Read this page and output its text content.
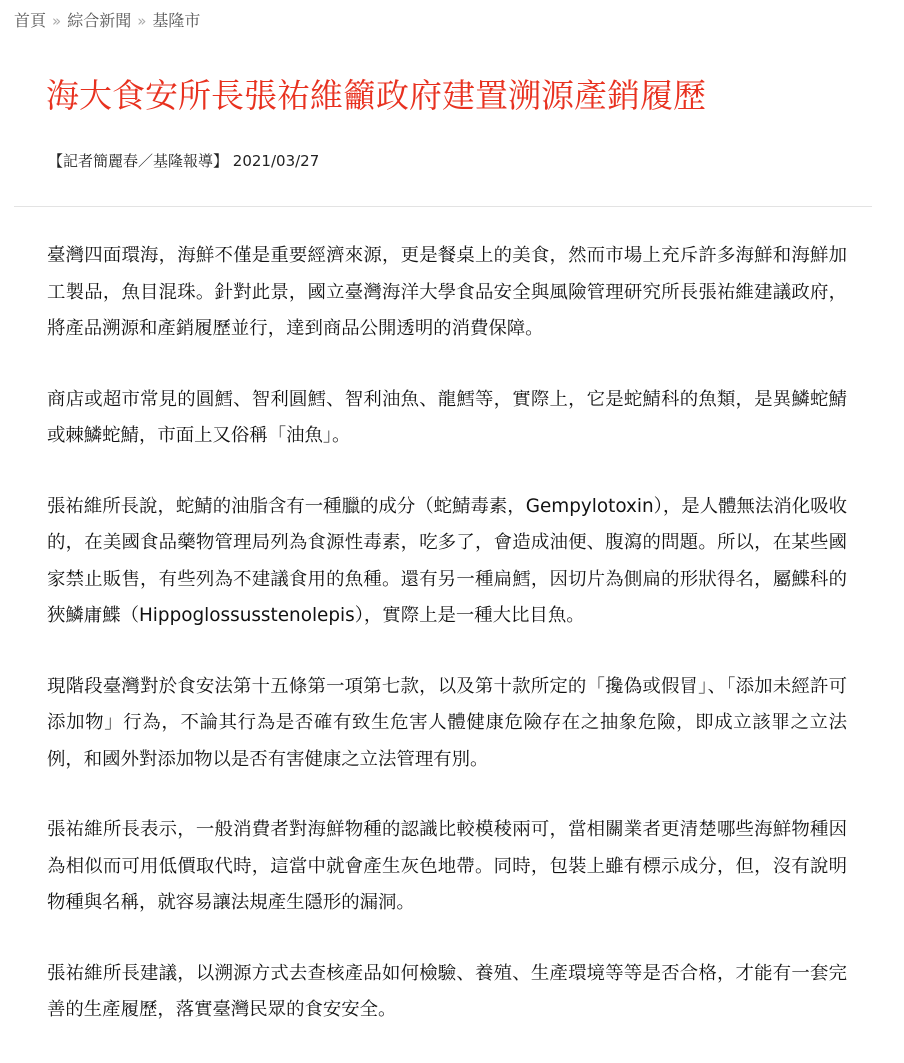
首頁 » 綜合新聞 » 基隆市
海大食安所長張祐維籲政府建置溯源產銷履歷
【記者簡麗春／基隆報導】 2021/03/27

臺灣四面環海，海鮮不僅是重要經濟來源，更是餐桌上的美食，然而市場上充斥許多海鮮和海鮮加工製品，魚目混珠。針對此景，國立臺灣海洋大學食品安全與風險管理研究所長張祐維建議政府，將產品溯源和產銷履歷並行，達到商品公開透明的消費保障。

商店或超市常見的圓鱈、智利圓鱈、智利油魚、龍鱈等，實際上，它是蛇鯖科的魚類，是異鱗蛇鯖或棘鱗蛇鯖，市面上又俗稱「油魚」。

張祐維所長說，蛇鯖的油脂含有一種臘的成分（蛇鯖毒素，Gempylotoxin），是人體無法消化吸收的，在美國食品藥物管理局列為食源性毒素，吃多了，會造成油便、腹瀉的問題。所以，在某些國家禁止販售，有些列為不建議食用的魚種。還有另一種扁鱈，因切片為側扁的形狀得名，屬鰈科的狹鱗庸鰈（Hippoglossusstenolepis），實際上是一種大比目魚。

現階段臺灣對於食安法第十五條第一項第七款，以及第十款所定的「攙偽或假冒」、「添加未經許可添加物」行為，不論其行為是否確有致生危害人體健康危險存在之抽象危險，即成立該罪之立法例，和國外對添加物以是否有害健康之立法管理有別。

張祐維所長表示，一般消費者對海鮮物種的認識比較模稜兩可，當相關業者更清楚哪些海鮮物種因為相似而可用低價取代時，這當中就會產生灰色地帶。同時，包裝上雖有標示成分，但，沒有說明物種與名稱，就容易讓法規產生隱形的漏洞。

張祐維所長建議，以溯源方式去查核產品如何檢驗、養殖、生產環境等等是否合格，才能有一套完善的生產履歷，落實臺灣民眾的食安安全。
